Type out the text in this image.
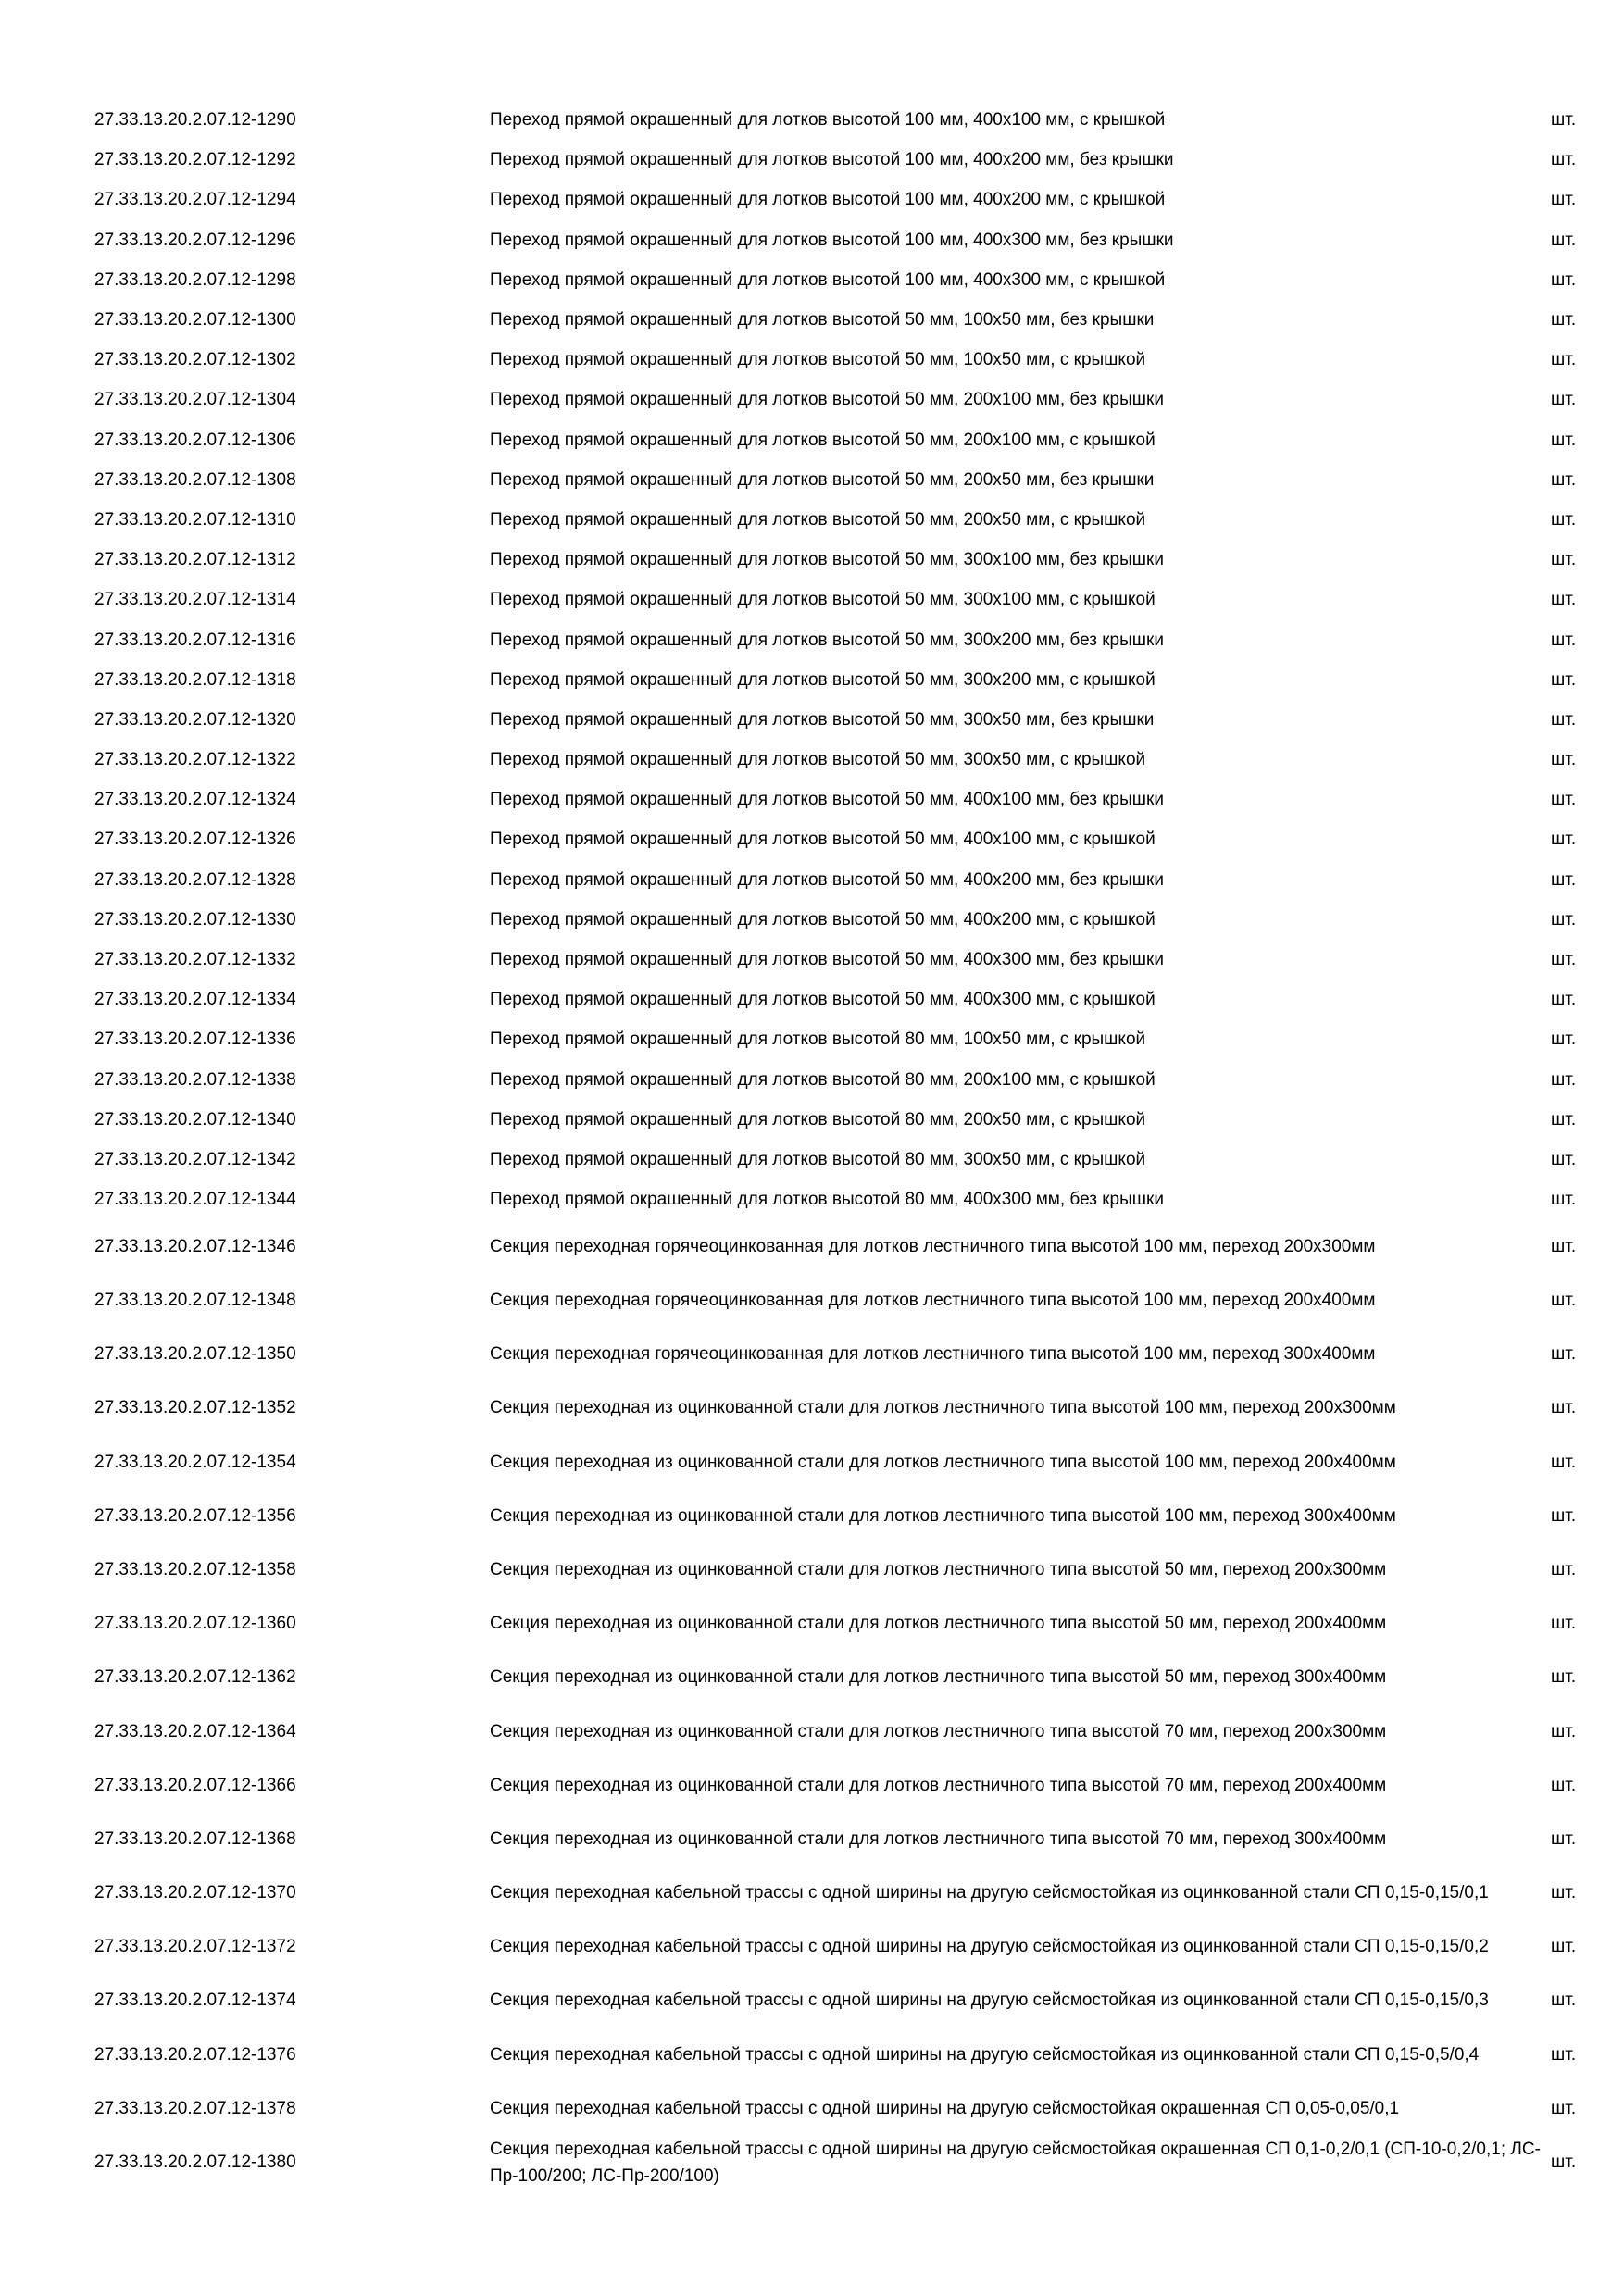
27.33.13.20.2.07.12-1290	Переход прямой окрашенный для лотков высотой 100 мм, 400x100 мм, с крышкой	шт.
27.33.13.20.2.07.12-1292	Переход прямой окрашенный для лотков высотой 100 мм, 400x200 мм, без крышки	шт.
27.33.13.20.2.07.12-1294	Переход прямой окрашенный для лотков высотой 100 мм, 400x200 мм, с крышкой	шт.
27.33.13.20.2.07.12-1296	Переход прямой окрашенный для лотков высотой 100 мм, 400x300 мм, без крышки	шт.
27.33.13.20.2.07.12-1298	Переход прямой окрашенный для лотков высотой 100 мм, 400x300 мм, с крышкой	шт.
27.33.13.20.2.07.12-1300	Переход прямой окрашенный для лотков высотой 50 мм, 100x50 мм, без крышки	шт.
27.33.13.20.2.07.12-1302	Переход прямой окрашенный для лотков высотой 50 мм, 100x50 мм, с крышкой	шт.
27.33.13.20.2.07.12-1304	Переход прямой окрашенный для лотков высотой 50 мм, 200x100 мм, без крышки	шт.
27.33.13.20.2.07.12-1306	Переход прямой окрашенный для лотков высотой 50 мм, 200x100 мм, с крышкой	шт.
27.33.13.20.2.07.12-1308	Переход прямой окрашенный для лотков высотой 50 мм, 200x50 мм, без крышки	шт.
27.33.13.20.2.07.12-1310	Переход прямой окрашенный для лотков высотой 50 мм, 200x50 мм, с крышкой	шт.
27.33.13.20.2.07.12-1312	Переход прямой окрашенный для лотков высотой 50 мм, 300x100 мм, без крышки	шт.
27.33.13.20.2.07.12-1314	Переход прямой окрашенный для лотков высотой 50 мм, 300x100 мм, с крышкой	шт.
27.33.13.20.2.07.12-1316	Переход прямой окрашенный для лотков высотой 50 мм, 300x200 мм, без крышки	шт.
27.33.13.20.2.07.12-1318	Переход прямой окрашенный для лотков высотой 50 мм, 300x200 мм, с крышкой	шт.
27.33.13.20.2.07.12-1320	Переход прямой окрашенный для лотков высотой 50 мм, 300x50 мм, без крышки	шт.
27.33.13.20.2.07.12-1322	Переход прямой окрашенный для лотков высотой 50 мм, 300x50 мм, с крышкой	шт.
27.33.13.20.2.07.12-1324	Переход прямой окрашенный для лотков высотой 50 мм, 400x100 мм, без крышки	шт.
27.33.13.20.2.07.12-1326	Переход прямой окрашенный для лотков высотой 50 мм, 400x100 мм, с крышкой	шт.
27.33.13.20.2.07.12-1328	Переход прямой окрашенный для лотков высотой 50 мм, 400x200 мм, без крышки	шт.
27.33.13.20.2.07.12-1330	Переход прямой окрашенный для лотков высотой 50 мм, 400x200 мм, с крышкой	шт.
27.33.13.20.2.07.12-1332	Переход прямой окрашенный для лотков высотой 50 мм, 400x300 мм, без крышки	шт.
27.33.13.20.2.07.12-1334	Переход прямой окрашенный для лотков высотой 50 мм, 400x300 мм, с крышкой	шт.
27.33.13.20.2.07.12-1336	Переход прямой окрашенный для лотков высотой 80 мм, 100x50 мм, с крышкой	шт.
27.33.13.20.2.07.12-1338	Переход прямой окрашенный для лотков высотой 80 мм, 200x100 мм, с крышкой	шт.
27.33.13.20.2.07.12-1340	Переход прямой окрашенный для лотков высотой 80 мм, 200x50 мм, с крышкой	шт.
27.33.13.20.2.07.12-1342	Переход прямой окрашенный для лотков высотой 80 мм, 300x50 мм, с крышкой	шт.
27.33.13.20.2.07.12-1344	Переход прямой окрашенный для лотков высотой 80 мм, 400x300 мм, без крышки	шт.
27.33.13.20.2.07.12-1346	Секция переходная горячеоцинкованная для лотков лестничного типа высотой 100 мм, переход 200x300мм	шт.
27.33.13.20.2.07.12-1348	Секция переходная горячеоцинкованная для лотков лестничного типа высотой 100 мм, переход 200x400мм	шт.
27.33.13.20.2.07.12-1350	Секция переходная горячеоцинкованная для лотков лестничного типа высотой 100 мм, переход 300x400мм	шт.
27.33.13.20.2.07.12-1352	Секция переходная из оцинкованной стали для лотков лестничного типа высотой 100 мм, переход 200x300мм	шт.
27.33.13.20.2.07.12-1354	Секция переходная из оцинкованной стали для лотков лестничного типа высотой 100 мм, переход 200x400мм	шт.
27.33.13.20.2.07.12-1356	Секция переходная из оцинкованной стали для лотков лестничного типа высотой 100 мм, переход 300x400мм	шт.
27.33.13.20.2.07.12-1358	Секция переходная из оцинкованной стали для лотков лестничного типа высотой 50 мм, переход 200x300мм	шт.
27.33.13.20.2.07.12-1360	Секция переходная из оцинкованной стали для лотков лестничного типа высотой 50 мм, переход 200x400мм	шт.
27.33.13.20.2.07.12-1362	Секция переходная из оцинкованной стали для лотков лестничного типа высотой 50 мм, переход 300x400мм	шт.
27.33.13.20.2.07.12-1364	Секция переходная из оцинкованной стали для лотков лестничного типа высотой 70 мм, переход 200x300мм	шт.
27.33.13.20.2.07.12-1366	Секция переходная из оцинкованной стали для лотков лестничного типа высотой 70 мм, переход 200x400мм	шт.
27.33.13.20.2.07.12-1368	Секция переходная из оцинкованной стали для лотков лестничного типа высотой 70 мм, переход 300x400мм	шт.
27.33.13.20.2.07.12-1370	Секция переходная кабельной трассы с одной ширины на другую сейсмостойкая из оцинкованной стали СП 0,15-0,15/0,1	шт.
27.33.13.20.2.07.12-1372	Секция переходная кабельной трассы с одной ширины на другую сейсмостойкая из оцинкованной стали СП 0,15-0,15/0,2	шт.
27.33.13.20.2.07.12-1374	Секция переходная кабельной трассы с одной ширины на другую сейсмостойкая из оцинкованной стали СП 0,15-0,15/0,3	шт.
27.33.13.20.2.07.12-1376	Секция переходная кабельной трассы с одной ширины на другую сейсмостойкая из оцинкованной стали СП 0,15-0,5/0,4	шт.
27.33.13.20.2.07.12-1378	Секция переходная кабельной трассы с одной ширины на другую сейсмостойкая окрашенная СП 0,05-0,05/0,1	шт.
27.33.13.20.2.07.12-1380	Секция переходная кабельной трассы с одной ширины на другую сейсмостойкая окрашенная СП 0,1-0,2/0,1 (СП-10-0,2/0,1; ЛС-Пр-100/200; ЛС-Пр-200/100)	шт.
